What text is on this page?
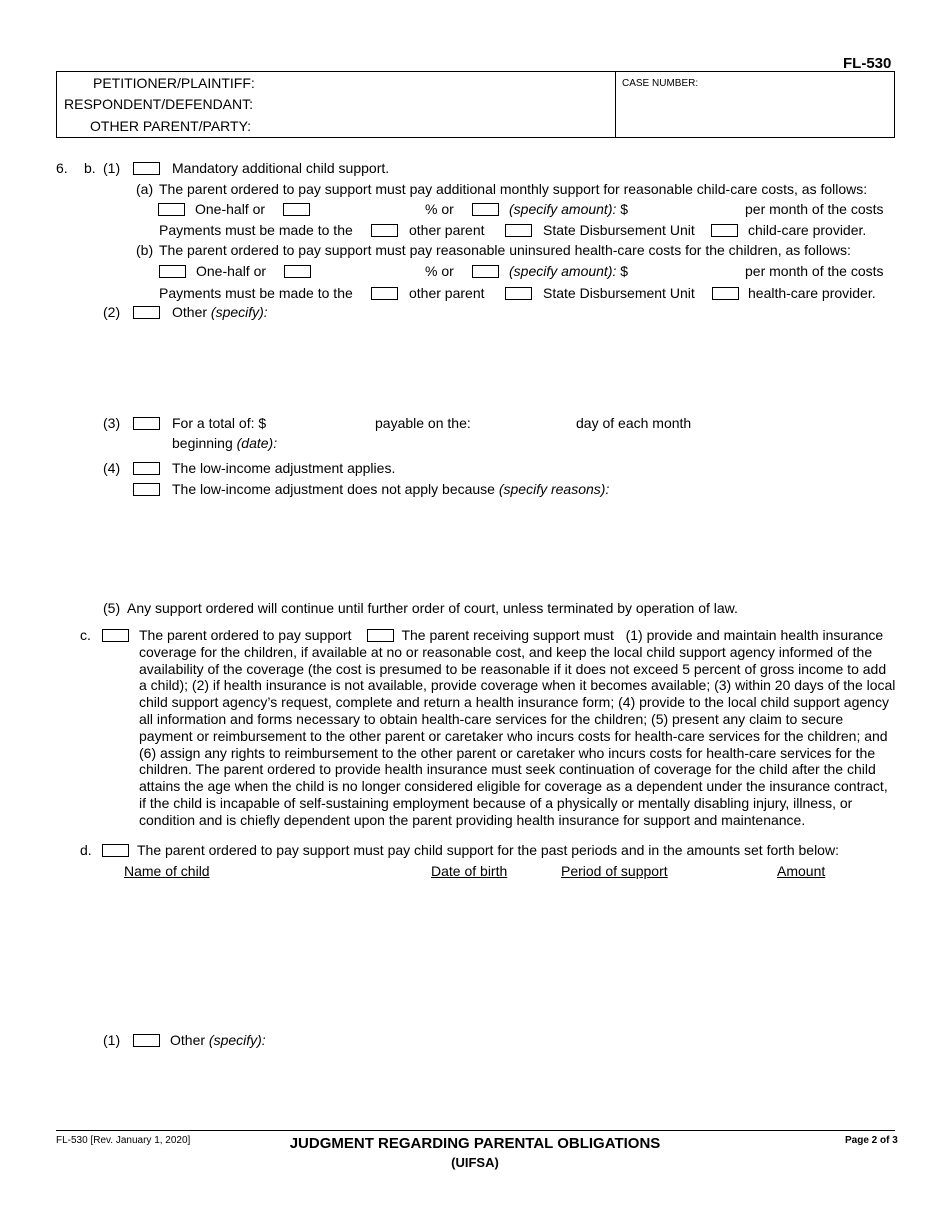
FL-530
PETITIONER/PLAINTIFF:
RESPONDENT/DEFENDANT:
OTHER PARENT/PARTY:
CASE NUMBER:
6. b. (1)	Mandatory additional child support.
(a) The parent ordered to pay support must pay additional monthly support for reasonable child-care costs, as follows:
One-half or	% or	(specify amount): $	per month of the costs
Payments must be made to the	other parent	State Disbursement Unit	child-care provider.
(b) The parent ordered to pay support must pay reasonable uninsured health-care costs for the children, as follows:
One-half or	% or	(specify amount): $	per month of the costs
Payments must be made to the	other parent	State Disbursement Unit	health-care provider.
(2)	Other (specify):
(3)	For a total of: $	payable on the:	day of each month
beginning (date):
(4)	The low-income adjustment applies.
The low-income adjustment does not apply because (specify reasons):
(5) Any support ordered will continue until further order of court, unless terminated by operation of law.
c.	The parent ordered to pay support	The parent receiving support must (1) provide and maintain health insurance coverage for the children, if available at no or reasonable cost, and keep the local child support agency informed of the availability of the coverage (the cost is presumed to be reasonable if it does not exceed 5 percent of gross income to add a child); (2) if health insurance is not available, provide coverage when it becomes available; (3) within 20 days of the local child support agency’s request, complete and return a health insurance form; (4) provide to the local child support agency all information and forms necessary to obtain health-care services for the children; (5) present any claim to secure payment or reimbursement to the other parent or caretaker who incurs costs for health-care services for the children; and (6) assign any rights to reimbursement to the other parent or caretaker who incurs costs for health-care services for the children. The parent ordered to provide health insurance must seek continuation of coverage for the child after the child attains the age when the child is no longer considered eligible for coverage as a dependent under the insurance contract, if the child is incapable of self-sustaining employment because of a physically or mentally disabling injury, illness, or condition and is chiefly dependent upon the parent providing health insurance for support and maintenance.
d.	The parent ordered to pay support must pay child support for the past periods and in the amounts set forth below:
Name of child	Date of birth	Period of support	Amount
(1)	Other (specify):
FL-530 [Rev. January 1, 2020]	JUDGMENT REGARDING PARENTAL OBLIGATIONS
(UIFSA)
Page 2 of 3
